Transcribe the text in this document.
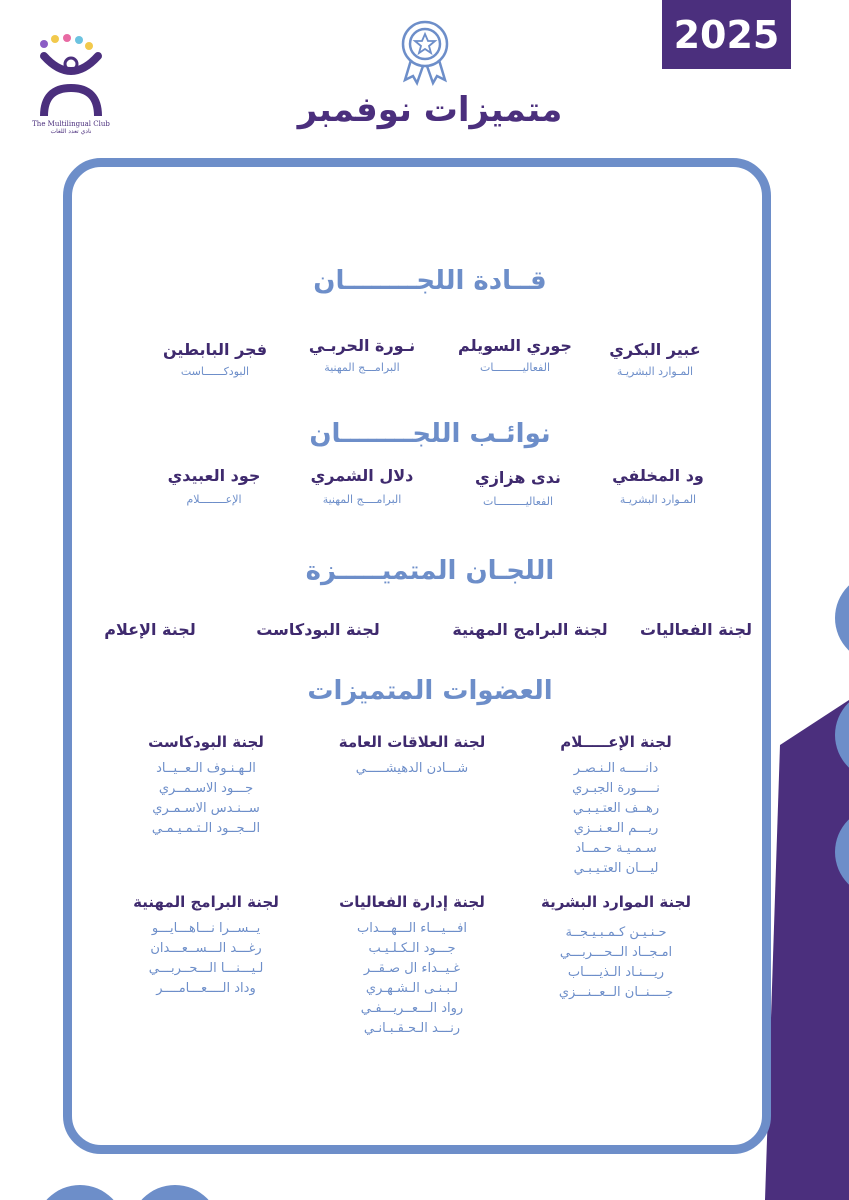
The Multilingual Club
نادي تعدد اللغات
2025
متميزات نوفمبر
قــادة اللجــــــــان
عبير البكري
المـوارد البشريـة
جوري السويلم
الفعاليـــــــــات
نـورة الحربـي
البرامـــج المهنية
فجر البابطين
البودكــــــاست
نوائـب اللجــــــــان
ود المخلفي
المـوارد البشريـة
ندى هزازي
الفعاليـــــــــات
دلال الشمري
البرامــــج المهنية
جود العبيدي
الإعــــــــلام
اللجـان المتميـــــزة
لجنة الفعاليات
لجنة البرامج المهنية
لجنة البودكاست
لجنة الإعلام
العضوات المتميزات
لجنة الإعـــــلام
دانـــــه الـنـصـر
نـــــورة الجبـري
رهــف العتـيـبـي
ريـــم الـعـنــزي
سـمـيـة حـمــاد
ليـــان العتـيـبـي
لجنة العلاقات العامة
شـــادن الدهيشـــــي
لجنة البودكاست
الـهـنـوف الـعــيــاد
جـــود الاسـمــري
ســنـدس الاسـمـري
الــجــود الـتـمـيـمـي
لجنة الموارد البشرية
حـنـيـن كـمـبـيـجــة
امـجــاد الــحـــربـــي
ريـــنـاد الـذيــــاب
جــــنــان الــعــنـــزي
لجنة إدارة الفعاليات
افـــيـــاء الـــهـــداب
جـــود الـكـلـيـب
غـيــداء ال صـقــر
لـبـنـى الـشـهـري
رواد الـــعــريـــفـي
رنـــد الـحـقـبـانـي
لجنة البرامج المهنية
يــســرا نـــاهـــايـــو
رغـــد الـــســعـــدان
لـيـــنـــا الـــحــربـــي
وداد الــــعـــامــــر
